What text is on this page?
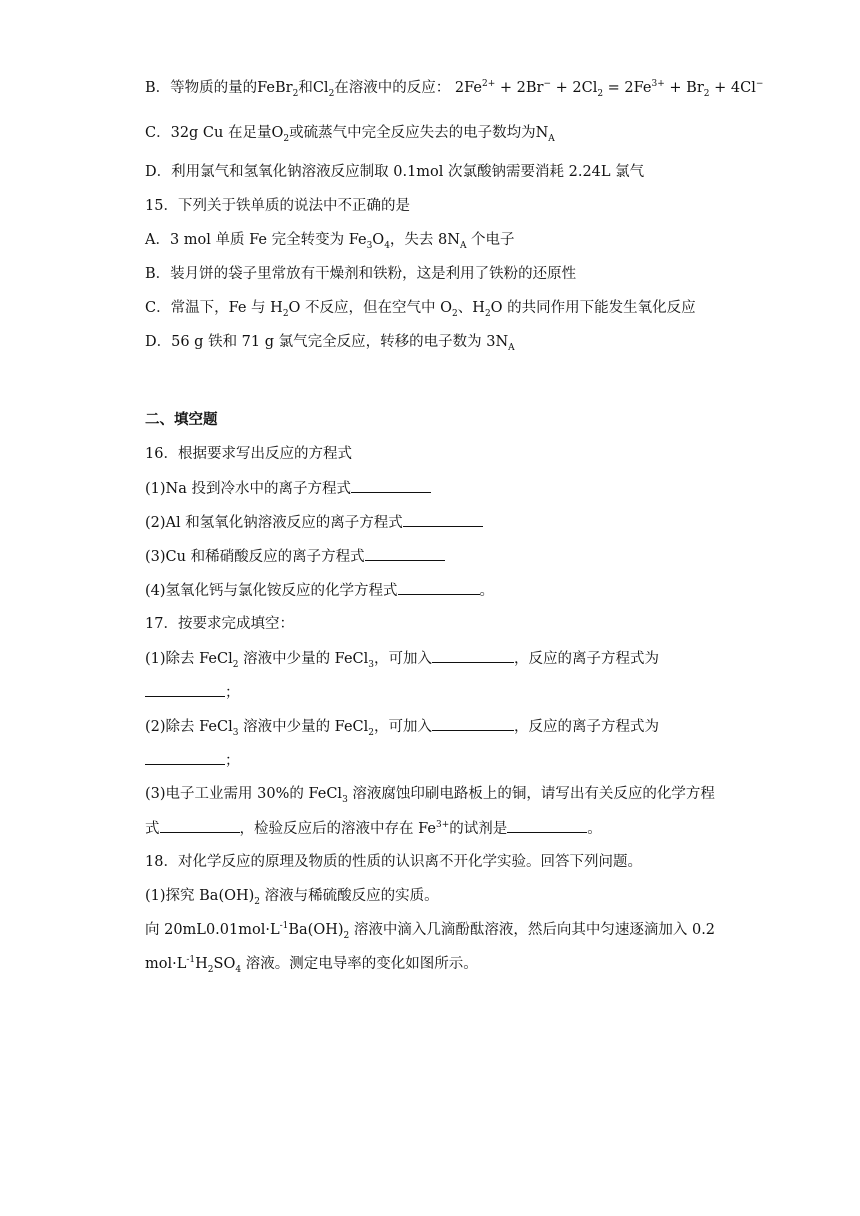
B．等物质的量的FeBr$_2$和$Cl_2$在溶液中的反应： $2Fe^{2+} + 2Br^- + 2Cl_2 = 2Fe^{3+} + Br_2 + 4Cl^-$
C．32g Cu 在足量$O_2$或硫蒸气中完全反应失去的电子数均为$N_A$
D．利用氯气和氢氧化钠溶液反应制取 0.1mol 次氯酸钠需要消耗 2.24L 氯气
15．下列关于铁单质的说法中不正确的是
A．3 mol 单质 Fe 完全转变为 $Fe_3O_4$，失去 $8N_A$ 个电子
B．装月饼的袋子里常放有干燥剂和铁粉，这是利用了铁粉的还原性
C．常温下，Fe 与 $H_2O$ 不反应，但在空气中 $O_2$、$H_2O$ 的共同作用下能发生氧化反应
D．56 g 铁和 71 g 氯气完全反应，转移的电子数为 $3N_A$
二、填空题
16．根据要求写出反应的方程式
(1)Na 投到冷水中的离子方程式
(2)Al 和氢氧化钠溶液反应的离子方程式
(3)Cu 和稀硝酸反应的离子方程式
(4)氢氧化钙与氯化铵反应的化学方程式	。
17．按要求完成填空：
(1)除去 FeCl$_2$ 溶液中少量的 FeCl$_3$，可加入	，反应的离子方程式为
；
(2)除去 FeCl$_3$ 溶液中少量的 FeCl$_2$，可加入	，反应的离子方程式为
；
(3)电子工业需用 30%的 FeCl$_3$ 溶液腐蚀印刷电路板上的铜，请写出有关反应的化学方程
式	，检验反应后的溶液中存在 $Fe^{3+}$的试剂是	。
18．对化学反应的原理及物质的性质的认识离不开化学实验。回答下列问题。
(1)探究 $Ba(OH)_2$ 溶液与稀硫酸反应的实质。
向 $20mL0.01mol\cdot L^{-1}Ba(OH)_2$ 溶液中滴入几滴酚酞溶液，然后向其中匀速逐滴加入 0.2
$mol\cdot L^{-1}H_2SO_4$ 溶液。测定电导率的变化如图所示。
